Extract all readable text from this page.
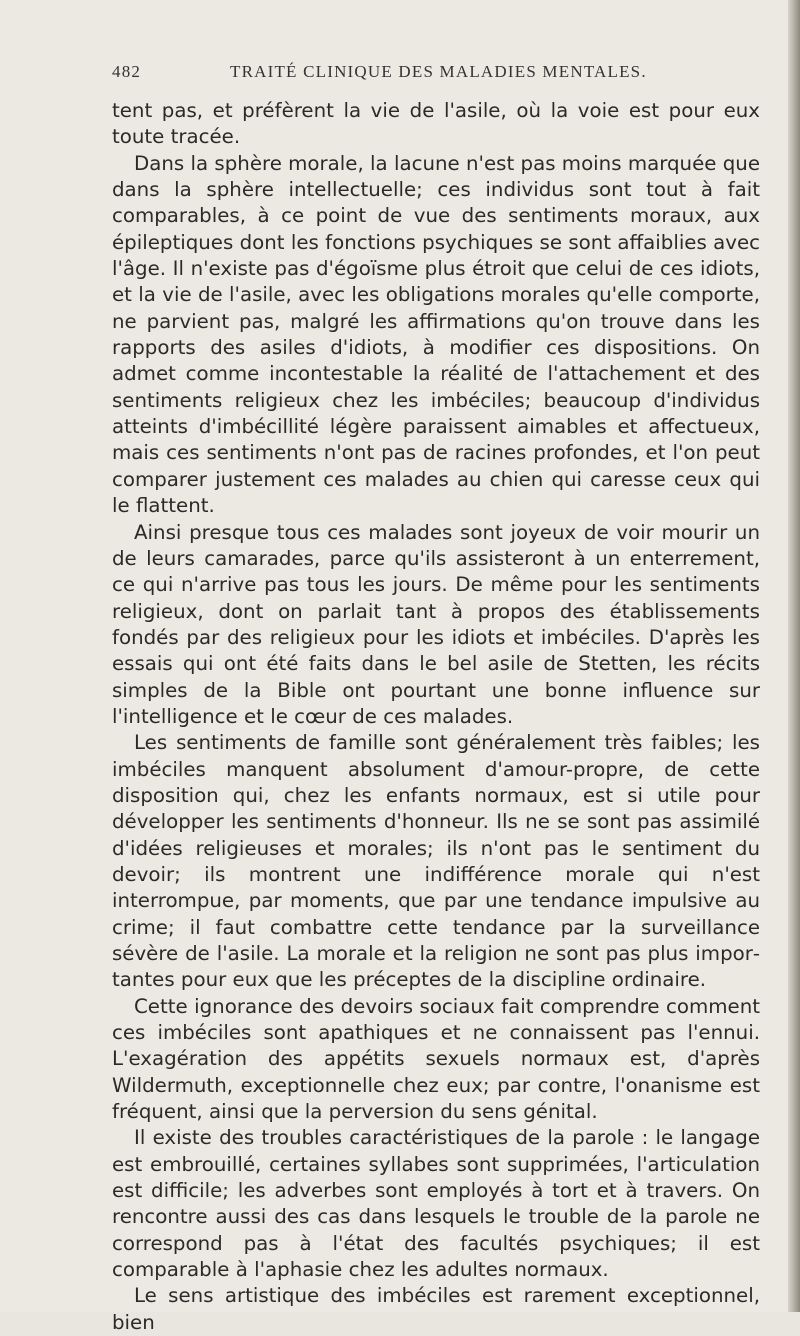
482	TRAITÉ CLINIQUE DES MALADIES MENTALES.

tent pas, et préfèrent la vie de l'asile, où la voie est pour eux toute tracée.

Dans la sphère morale, la lacune n'est pas moins marquée que dans la sphère intellectuelle; ces individus sont tout à fait comparables, à ce point de vue des sentiments moraux, aux épileptiques dont les fonctions psychiques se sont affaiblies avec l'âge. Il n'existe pas d'égoïsme plus étroit que celui de ces idiots, et la vie de l'asile, avec les obligations morales qu'elle comporte, ne parvient pas, malgré les affirmations qu'on trouve dans les rapports des asiles d'idiots, à modifier ces dispositions. On admet comme incontestable la réalité de l'attachement et des sentiments religieux chez les imbéciles; beaucoup d'individus atteints d'imbécillité légère paraissent aimables et affectueux, mais ces sentiments n'ont pas de racines profondes, et l'on peut comparer justement ces malades au chien qui caresse ceux qui le flattent.

Ainsi presque tous ces malades sont joyeux de voir mourir un de leurs camarades, parce qu'ils assisteront à un enterrement, ce qui n'arrive pas tous les jours. De même pour les sentiments religieux, dont on parlait tant à propos des établissements fondés par des religieux pour les idiots et imbéciles. D'après les essais qui ont été faits dans le bel asile de Stetten, les récits simples de la Bible ont pourtant une bonne influence sur l'intelligence et le cœur de ces malades.

Les sentiments de famille sont généralement très faibles; les imbéciles manquent absolument d'amour-propre, de cette disposition qui, chez les enfants normaux, est si utile pour développer les sentiments d'honneur. Ils ne se sont pas assimilé d'idées religieuses et morales; ils n'ont pas le sentiment du devoir; ils montrent une indifférence morale qui n'est interrompue, par moments, que par une tendance impulsive au crime; il faut combattre cette tendance par la surveillance sévère de l'asile. La morale et la religion ne sont pas plus importantes pour eux que les préceptes de la discipline ordinaire.

Cette ignorance des devoirs sociaux fait comprendre comment ces imbéciles sont apathiques et ne connaissent pas l'ennui. L'exagération des appétits sexuels normaux est, d'après Wildermuth, exceptionnelle chez eux; par contre, l'onanisme est fréquent, ainsi que la perversion du sens génital.

Il existe des troubles caractéristiques de la parole : le langage est embrouillé, certaines syllabes sont supprimées, l'articulation est difficile; les adverbes sont employés à tort et à travers. On rencontre aussi des cas dans lesquels le trouble de la parole ne correspond pas à l'état des facultés psychiques; il est comparable à l'aphasie chez les adultes normaux.

Le sens artistique des imbéciles est rarement exceptionnel, bien
